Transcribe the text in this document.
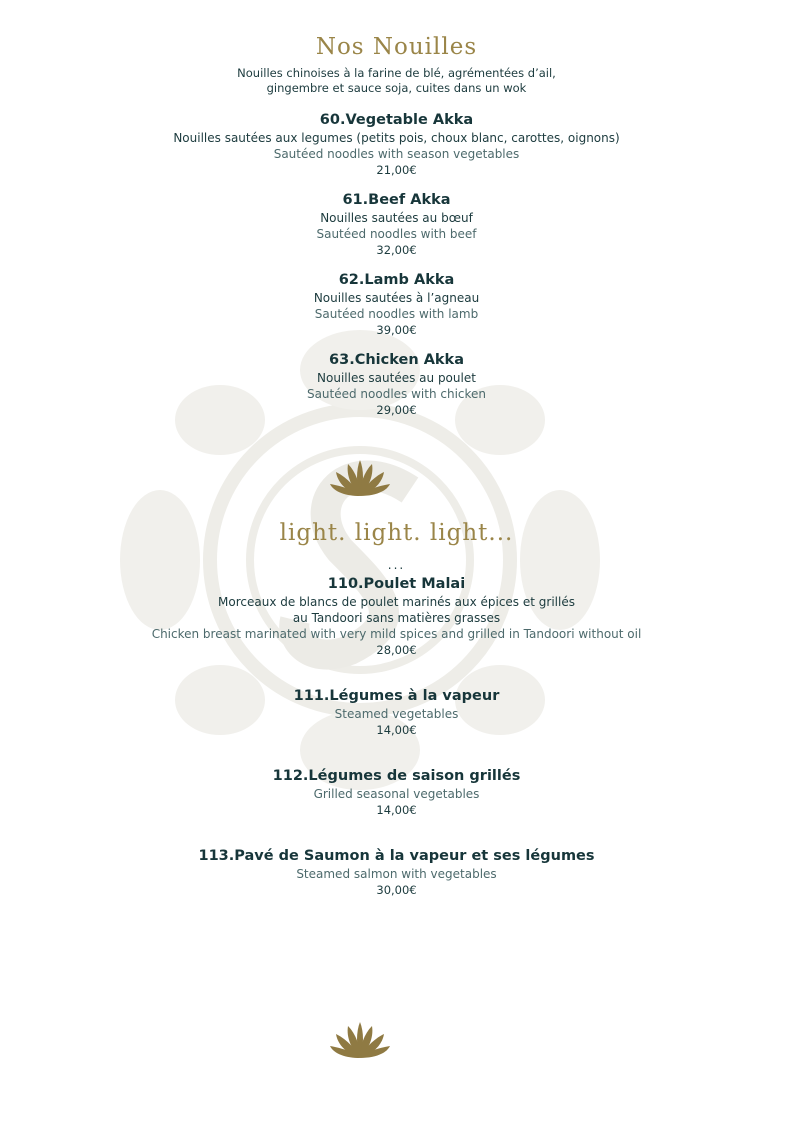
Nos Nouilles
Nouilles chinoises à la farine de blé, agrémentées d’ail,
gingembre et sauce soja, cuites dans un wok
60.Vegetable Akka
Nouilles sautées aux legumes (petits pois, choux blanc, carottes, oignons)
Sautéed noodles with season vegetables
21,00€
61.Beef Akka
Nouilles sautées au bœuf
Sautéed noodles with beef
32,00€
62.Lamb Akka
Nouilles sautées à l’agneau
Sautéed noodles with lamb
39,00€
63.Chicken Akka
Nouilles sautées au poulet
Sautéed noodles with chicken
29,00€
light. light. light...
...
110.Poulet Malai
Morceaux de blancs de poulet marinés aux épices et grillés
au Tandoori sans matières grasses
Chicken breast marinated with very mild spices and grilled in Tandoori without oil
28,00€
111.Légumes à la vapeur
Steamed vegetables
14,00€
112.Légumes de saison grillés
Grilled seasonal vegetables
14,00€
113.Pavé de Saumon à la vapeur et ses légumes
Steamed salmon with vegetables
30,00€
